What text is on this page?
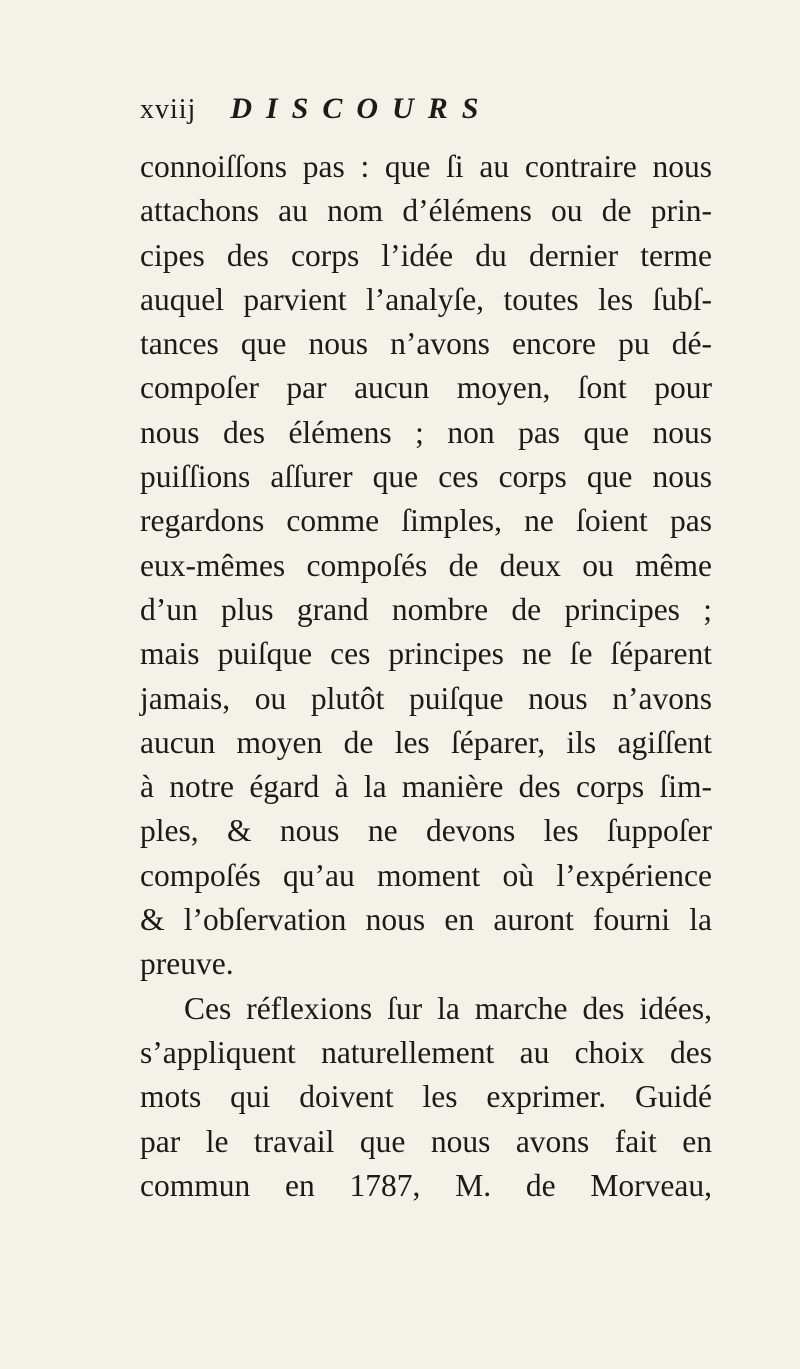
xviij DISCOURS
connoiſſons pas : que ſi au contraire nous
attachons au nom d’élémens ou de prin-
cipes des corps l’idée du dernier terme
auquel parvient l’analyſe, toutes les ſubſ-
tances que nous n’avons encore pu dé-
compoſer par aucun moyen, ſont pour
nous des élémens ; non pas que nous
puiſſions aſſurer que ces corps que nous
regardons comme ſimples, ne ſoient pas
eux-mêmes compoſés de deux ou même
d’un plus grand nombre de principes ;
mais puiſque ces principes ne ſe ſéparent
jamais, ou plutôt puiſque nous n’avons
aucun moyen de les ſéparer, ils agiſſent
à notre égard à la manière des corps ſim-
ples, & nous ne devons les ſuppoſer
compoſés qu’au moment où l’expérience
& l’obſervation nous en auront fourni la
preuve.
Ces réflexions ſur la marche des idées,
s’appliquent naturellement au choix des
mots qui doivent les exprimer. Guidé
par le travail que nous avons fait en
commun en 1787, M. de Morveau,
